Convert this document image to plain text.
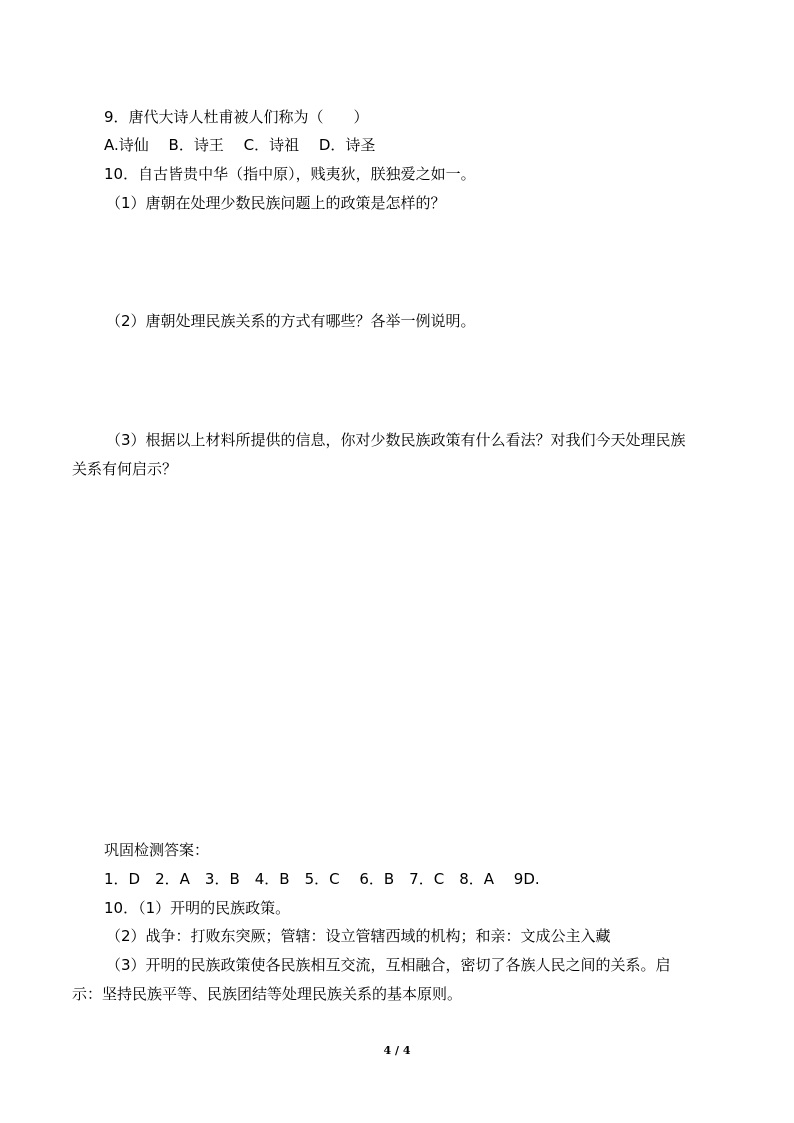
9．唐代大诗人杜甫被人们称为（　　）
A.诗仙　 B．诗王　 C．诗祖　 D．诗圣
10．自古皆贵中华（指中原），贱夷狄，朕独爱之如一。
（1）唐朝在处理少数民族问题上的政策是怎样的？
（2）唐朝处理民族关系的方式有哪些？各举一例说明。
（3）根据以上材料所提供的信息，你对少数民族政策有什么看法？对我们今天处理民族
关系有何启示？
巩固检测答案：
1．D　2．A　3．B　4．B　5．C　 6．B　7．C　8．A　 9D.
10．（1）开明的民族政策。
（2）战争：打败东突厥；管辖：设立管辖西域的机构；和亲：文成公主入藏
（3）开明的民族政策使各民族相互交流，互相融合，密切了各族人民之间的关系。启
示：坚持民族平等、民族团结等处理民族关系的基本原则。
4 / 4
